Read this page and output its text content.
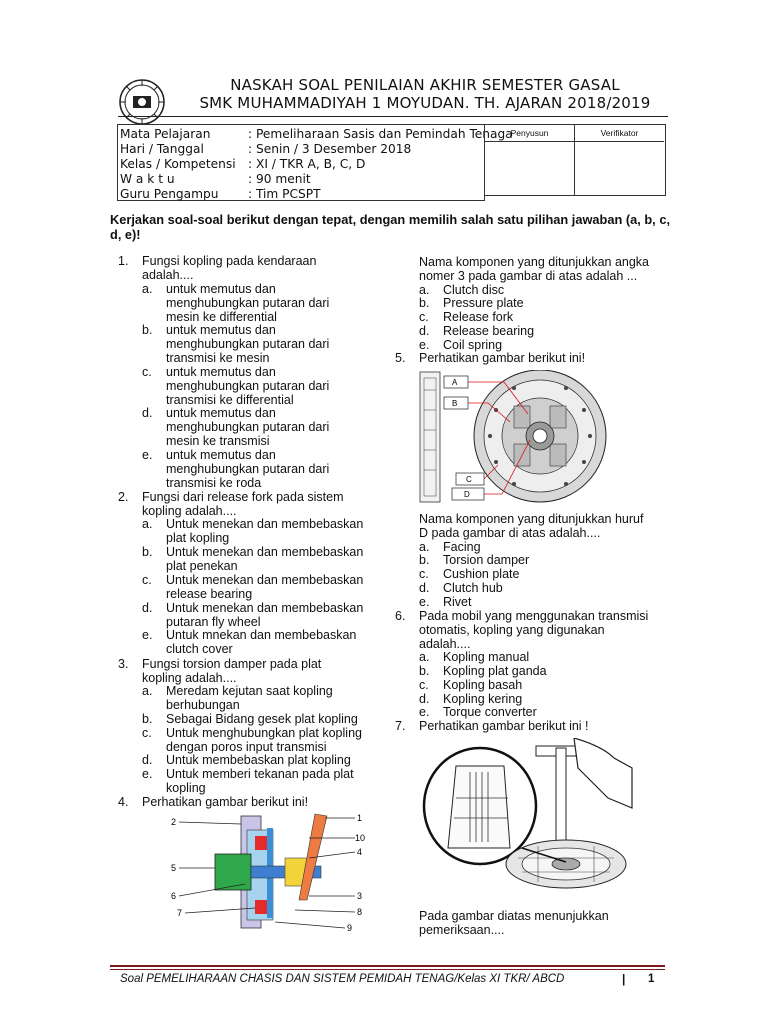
NASKAH SOAL PENILAIAN AKHIR SEMESTER GASAL
SMK MUHAMMADIYAH 1 MOYUDAN. TH. AJARAN 2018/2019
Mata Pelajaran	: Pemeliharaan Sasis dan Pemindah Tenaga
Hari / Tanggal	: Senin / 3 Desember 2018
Kelas / Kompetensi	: XI / TKR A, B, C, D
W a k t u	: 90 menit
Guru Pengampu	: Tim PCSPT
Penyusun	Verifikator
Kerjakan soal-soal berikut dengan tepat, dengan memilih salah satu pilihan jawaban (a, b, c, d, e)!
1. Fungsi kopling pada kendaraan
adalah....
a. untuk memutus dan
menghubungkan putaran dari
mesin ke differential
b. untuk memutus dan
menghubungkan putaran dari
transmisi ke mesin
c. untuk memutus dan
menghubungkan putaran dari
transmisi ke differential
d. untuk memutus dan
menghubungkan putaran dari
mesin ke transmisi
e. untuk memutus dan
menghubungkan putaran dari
transmisi ke roda
2. Fungsi dari release fork pada sistem
kopling adalah....
a. Untuk menekan dan membebaskan
plat kopling
b. Untuk menekan dan membebaskan
plat penekan
c. Untuk menekan dan membebaskan
release bearing
d. Untuk menekan dan membebaskan
putaran fly wheel
e. Untuk mnekan dan membebaskan
clutch cover
3. Fungsi torsion damper pada plat
kopling adalah....
a. Meredam kejutan saat kopling
berhubungan
b. Sebagai Bidang gesek plat kopling
c. Untuk menghubungkan plat kopling
dengan poros input transmisi
d. Untuk membebaskan plat kopling
e. Untuk memberi tekanan pada plat
kopling
4. Perhatikan gambar berikut ini!
2	1
10
4
5
6	3
8
7
9
Nama komponen yang ditunjukkan angka
nomer 3 pada gambar di atas adalah ...
a. Clutch disc
b. Pressure plate
c. Release fork
d. Release bearing
e. Coil spring
5. Perhatikan gambar berikut ini!
A
B
C
D
Nama komponen yang ditunjukkan huruf
D pada gambar di atas adalah....
a. Facing
b. Torsion damper
c. Cushion plate
d. Clutch hub
e. Rivet
6. Pada mobil yang menggunakan transmisi
otomatis, kopling yang digunakan
adalah....
a. Kopling manual
b. Kopling plat ganda
c. Kopling basah
d. Kopling kering
e. Torque converter
7. Perhatikan gambar berikut ini !
Pada gambar diatas menunjukkan
pemeriksaan....
Soal PEMELIHARAAN CHASIS DAN SISTEM PEMIDAH TENAG/Kelas XI TKR/ ABCD	| 1
